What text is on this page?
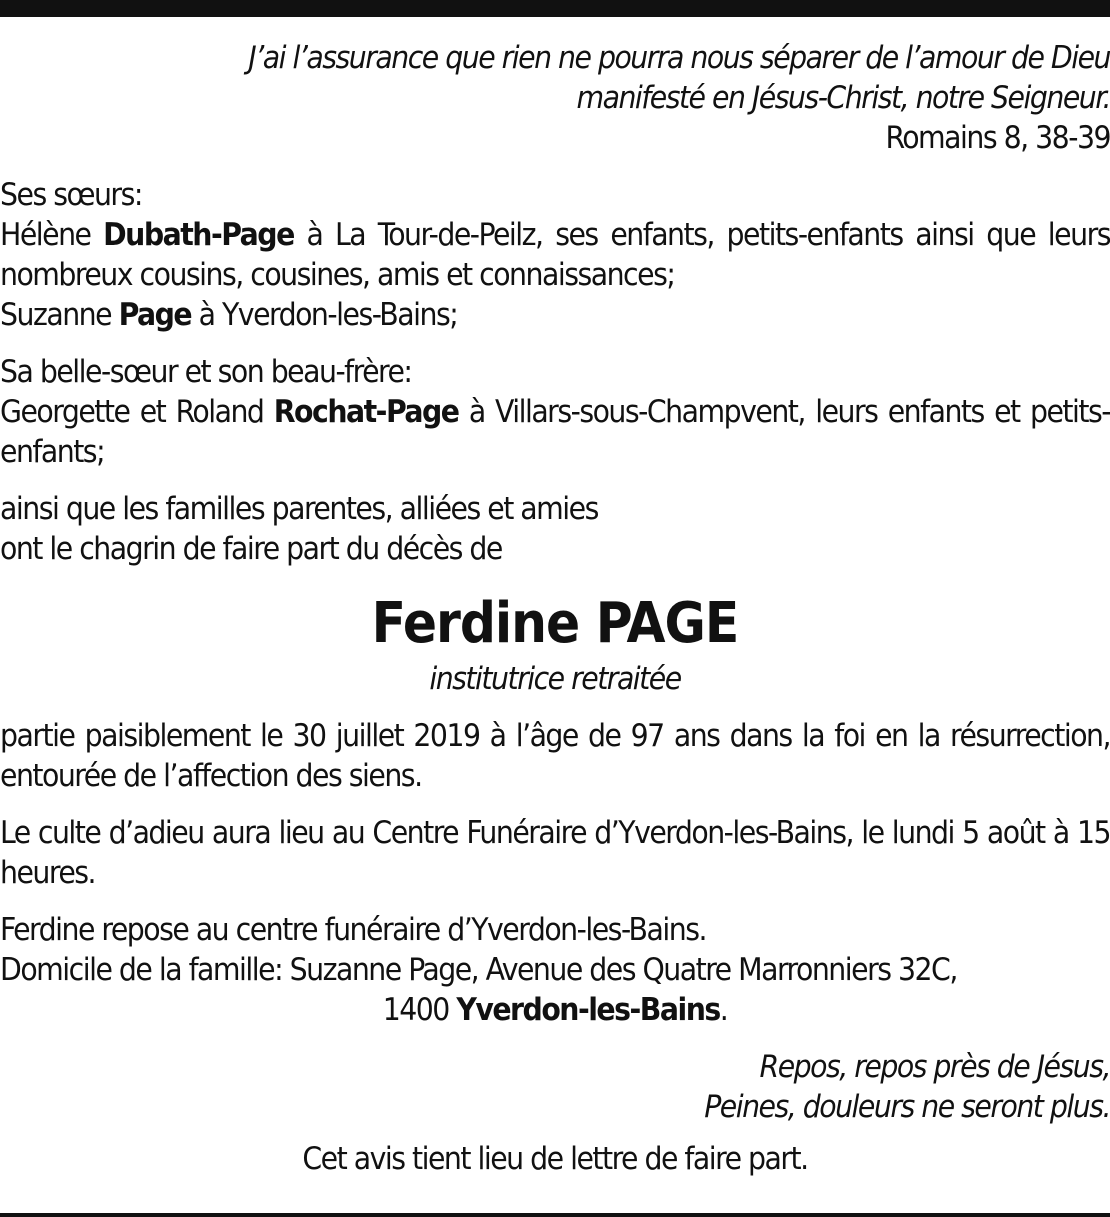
J’ai l’assurance que rien ne pourra nous séparer de l’amour de Dieu
manifesté en Jésus-Christ, notre Seigneur.
Romains 8, 38-39
Ses sœurs:
Hélène Dubath-Page à La Tour-de-Peilz, ses enfants, petits-enfants ainsi que leurs nombreux cousins, cousines, amis et connaissances;
Suzanne Page à Yverdon-les-Bains;
Sa belle-sœur et son beau-frère:
Georgette et Roland Rochat-Page à Villars-sous-Champvent, leurs enfants et petits-enfants;
ainsi que les familles parentes, alliées et amies
ont le chagrin de faire part du décès de
Ferdine PAGE
institutrice retraitée
partie paisiblement le 30 juillet 2019 à l’âge de 97 ans dans la foi en la résurrection, entourée de l’affection des siens.
Le culte d’adieu aura lieu au Centre Funéraire d’Yverdon-les-Bains, le lundi 5 août à 15 heures.
Ferdine repose au centre funéraire d’Yverdon-les-Bains.
Domicile de la famille: Suzanne Page, Avenue des Quatre Marronniers 32C,
1400 Yverdon-les-Bains.
Repos, repos près de Jésus,
Peines, douleurs ne seront plus.
Cet avis tient lieu de lettre de faire part.
